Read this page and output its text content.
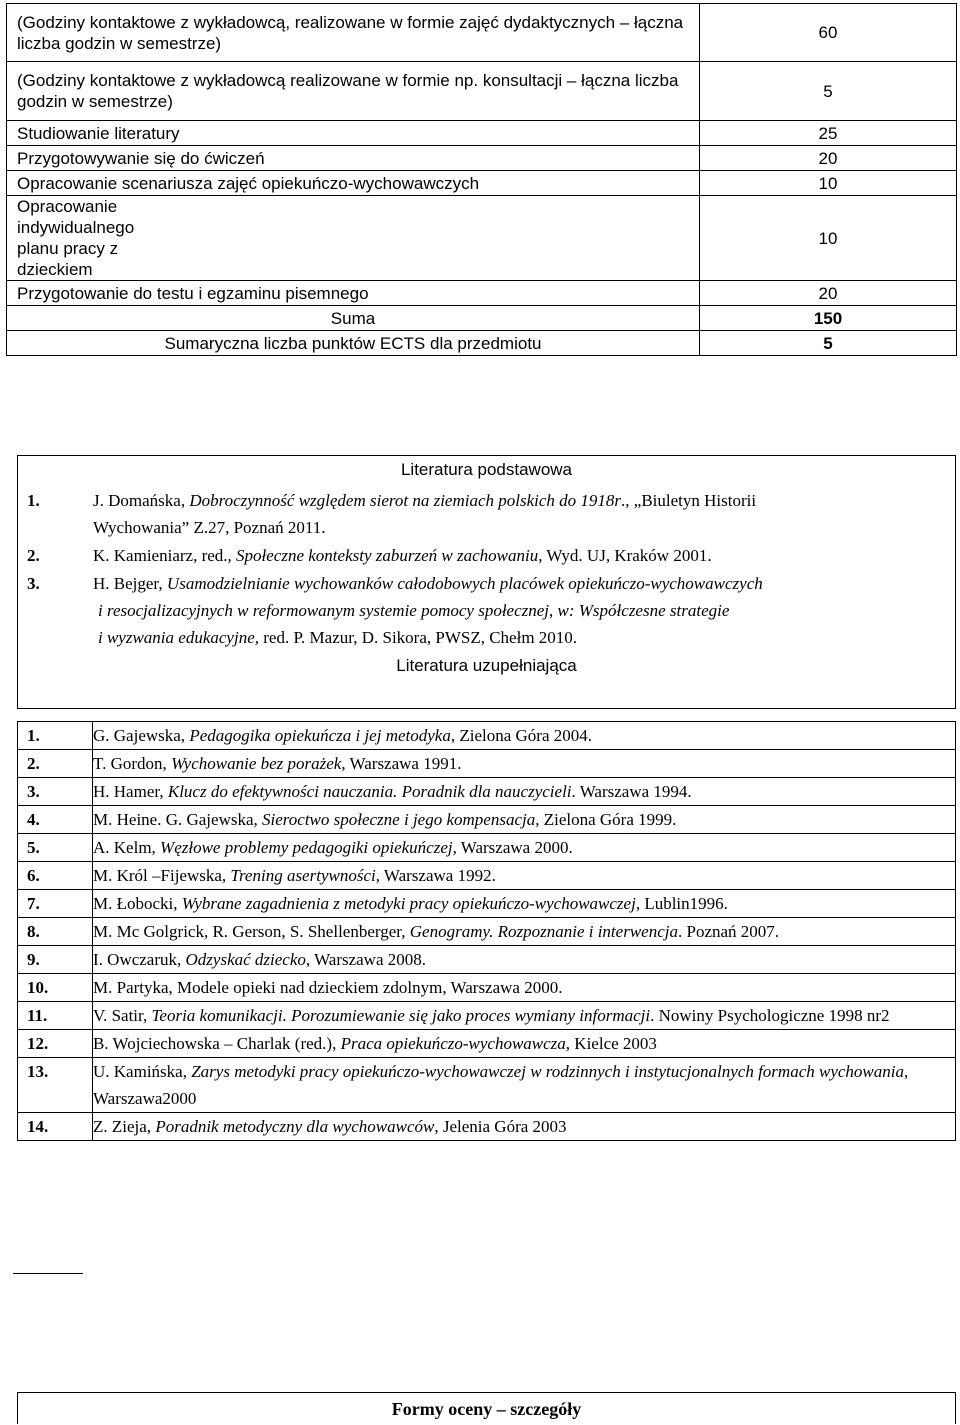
(Godziny kontaktowe z wykładowcą, realizowane w formie zajęć dydaktycznych – łączna liczba godzin w semestrze)	60
(Godziny kontaktowe z wykładowcą realizowane w formie np. konsultacji – łączna liczba godzin w semestrze)	5
Studiowanie literatury	25
Przygotowywanie się do ćwiczeń	20
Opracowanie scenariusza zajęć opiekuńczo-wychowawczych	10
Opracowanie indywidualnego planu pracy z dzieckiem	10
Przygotowanie do testu i egzaminu pisemnego	20
Suma	150
Sumaryczna liczba punktów ECTS dla przedmiotu	5
Literatura podstawowa
1.	J. Domańska, Dobroczynność względem sierot na ziemiach polskich do 1918r., „Biuletyn Historii
Wychowania” Z.27, Poznań 2011.
2.	K. Kamieniarz, red., Społeczne konteksty zaburzeń w zachowaniu, Wyd. UJ, Kraków 2001.
3.	H. Bejger, Usamodzielnianie wychowanków całodobowych placówek opiekuńczo-wychowawczych
i resocjalizacyjnych w reformowanym systemie pomocy społecznej, w: Współczesne strategie
i wyzwania edukacyjne, red. P. Mazur, D. Sikora, PWSZ, Chełm 2010.
Literatura uzupełniająca
1.	G. Gajewska, Pedagogika opiekuńcza i jej metodyka, Zielona Góra 2004.
2.	T. Gordon, Wychowanie bez porażek, Warszawa 1991.
3.	H. Hamer, Klucz do efektywności nauczania. Poradnik dla nauczycieli. Warszawa 1994.
4.	M. Heine. G. Gajewska, Sieroctwo społeczne i jego kompensacja, Zielona Góra 1999.
5.	A. Kelm, Węzłowe problemy pedagogiki opiekuńczej, Warszawa 2000.
6.	M. Król –Fijewska, Trening asertywności, Warszawa 1992.
7.	M. Łobocki, Wybrane zagadnienia z metodyki pracy opiekuńczo-wychowawczej, Lublin1996.
8.	M. Mc Golgrick, R. Gerson, S. Shellenberger, Genogramy. Rozpoznanie i interwencja. Poznań 2007.
9.	I. Owczaruk, Odzyskać dziecko, Warszawa 2008.
10.	M. Partyka, Modele opieki nad dzieckiem zdolnym, Warszawa 2000.
11.	V. Satir, Teoria komunikacji. Porozumiewanie się jako proces wymiany informacji. Nowiny Psychologiczne 1998 nr2
12.	B. Wojciechowska – Charlak (red.), Praca opiekuńczo-wychowawcza, Kielce 2003
13.	U. Kamińska, Zarys metodyki pracy opiekuńczo-wychowawczej w rodzinnych i instytucjonalnych formach wychowania, Warszawa2000
14.	Z. Zieja, Poradnik metodyczny dla wychowawców, Jelenia Góra 2003
Formy oceny – szczegóły
